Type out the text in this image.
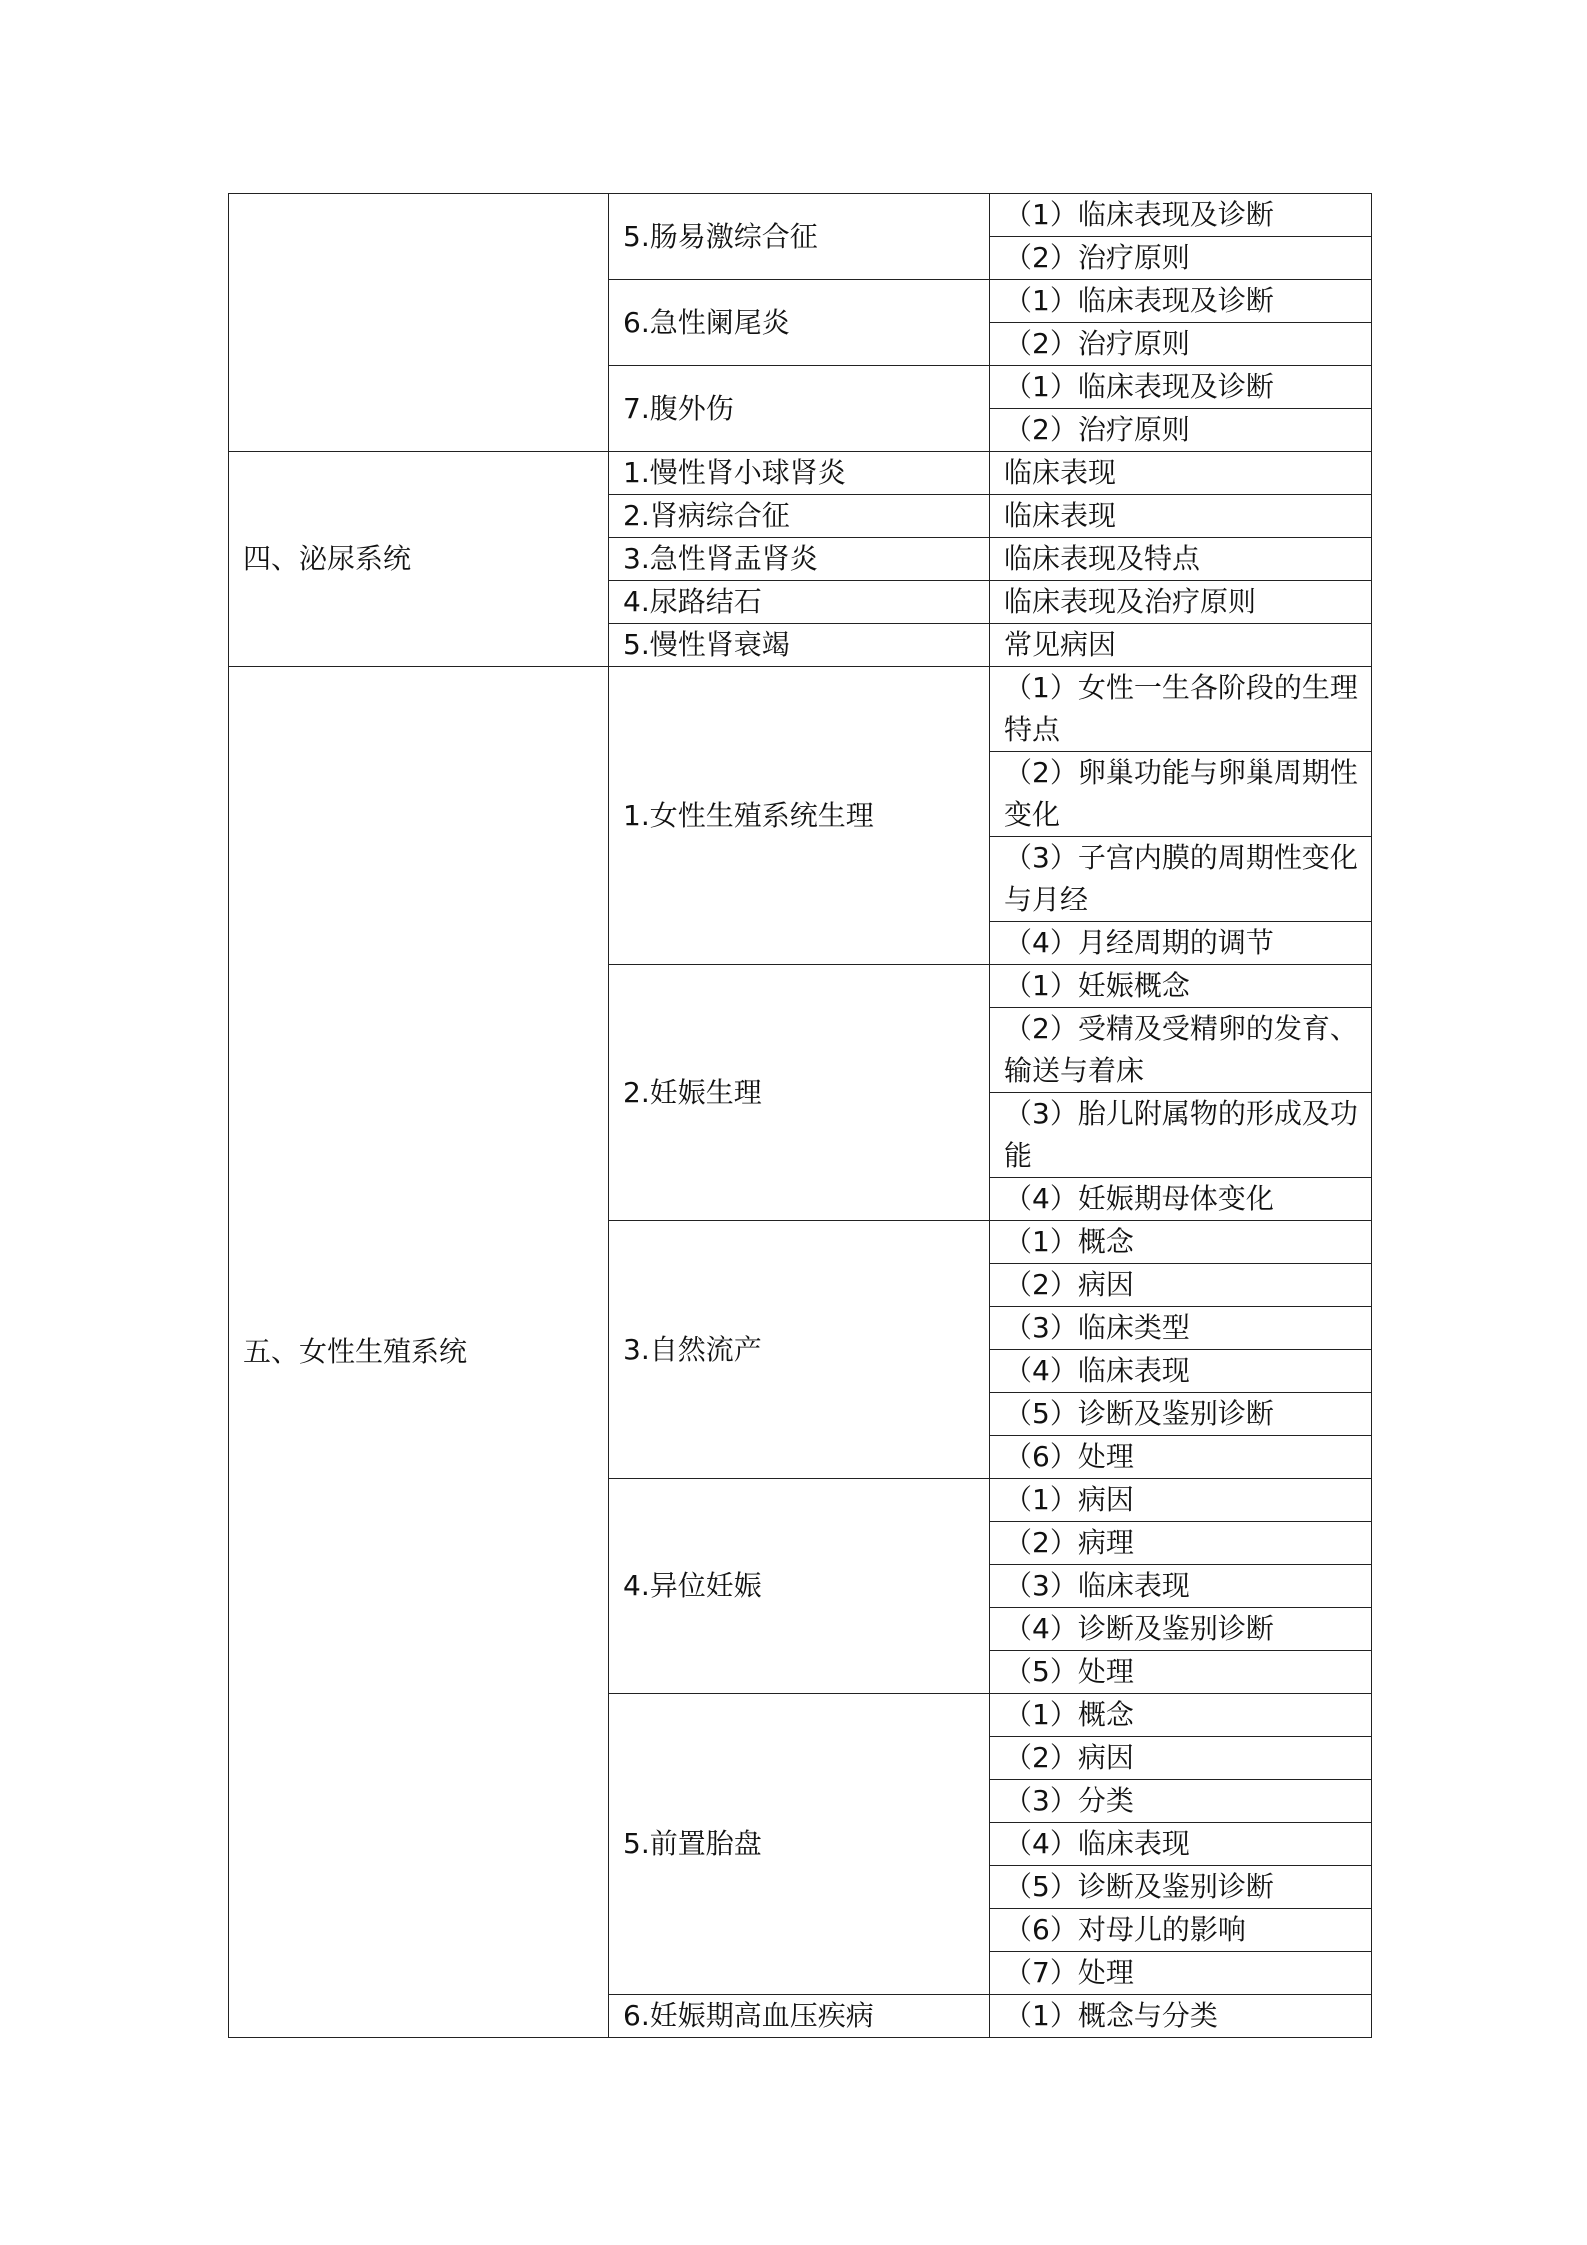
	5.肠易激综合征	（1）临床表现及诊断
		（2）治疗原则
	6.急性阑尾炎	（1）临床表现及诊断
		（2）治疗原则
	7.腹外伤	（1）临床表现及诊断
		（2）治疗原则
四、泌尿系统	1.慢性肾小球肾炎	临床表现
	2.肾病综合征	临床表现
	3.急性肾盂肾炎	临床表现及特点
	4.尿路结石	临床表现及治疗原则
	5.慢性肾衰竭	常见病因
五、女性生殖系统	1.女性生殖系统生理	（1）女性一生各阶段的生理特点
		（2）卵巢功能与卵巢周期性变化
		（3）子宫内膜的周期性变化与月经
		（4）月经周期的调节
	2.妊娠生理	（1）妊娠概念
		（2）受精及受精卵的发育、输送与着床
		（3）胎儿附属物的形成及功能
		（4）妊娠期母体变化
	3.自然流产	（1）概念
		（2）病因
		（3）临床类型
		（4）临床表现
		（5）诊断及鉴别诊断
		（6）处理
	4.异位妊娠	（1）病因
		（2）病理
		（3）临床表现
		（4）诊断及鉴别诊断
		（5）处理
	5.前置胎盘	（1）概念
		（2）病因
		（3）分类
		（4）临床表现
		（5）诊断及鉴别诊断
		（6）对母儿的影响
		（7）处理
	6.妊娠期高血压疾病	（1）概念与分类
